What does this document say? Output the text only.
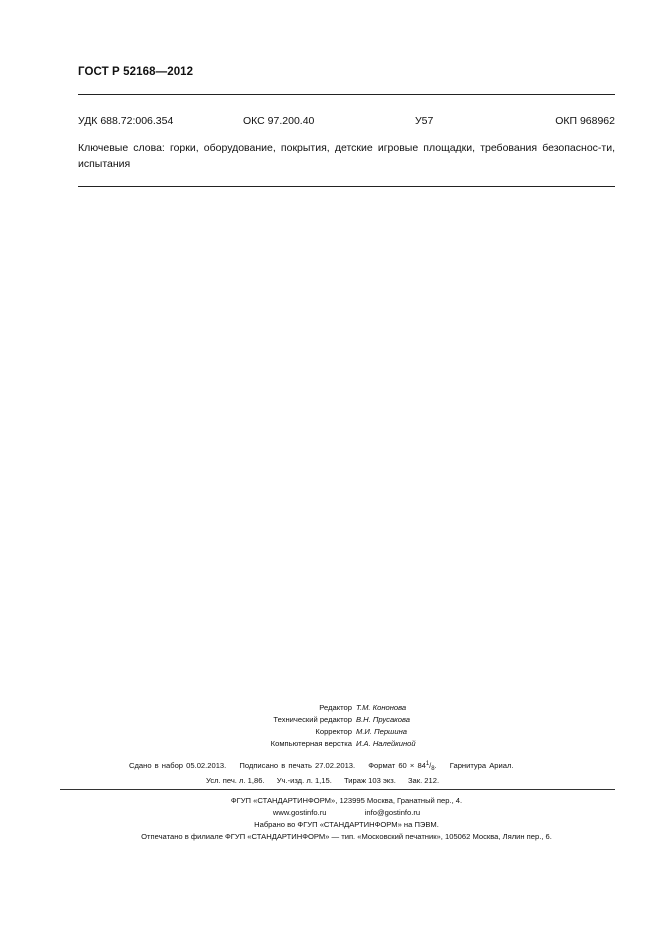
ГОСТ Р 52168—2012
УДК 688.72:006.354	ОКС 97.200.40	У57	ОКП 968962
Ключевые слова: горки, оборудование, покрытия, детские игровые площадки, требования безопаснос-ти, испытания
Редактор Т.М. Кононова
Технический редактор В.Н. Прусакова
Корректор М.И. Першина
Компьютерная верстка И.А. Налейкиной
Сдано в набор 05.02.2013. Подписано в печать 27.02.2013. Формат $60 \times 84^1/_8$. Гарнитура Ариал.
Усл. печ. л. 1,86. Уч.-изд. л. 1,15. Тираж 103 экз. Зак. 212.
ФГУП «СТАНДАРТИНФОРМ», 123995 Москва, Гранатный пер., 4.
www.gostinfo.ru	info@gostinfo.ru
Набрано во ФГУП «СТАНДАРТИНФОРМ» на ПЭВМ.
Отпечатано в филиале ФГУП «СТАНДАРТИНФОРМ» — тип. «Московский печатник», 105062 Москва, Лялин пер., 6.
